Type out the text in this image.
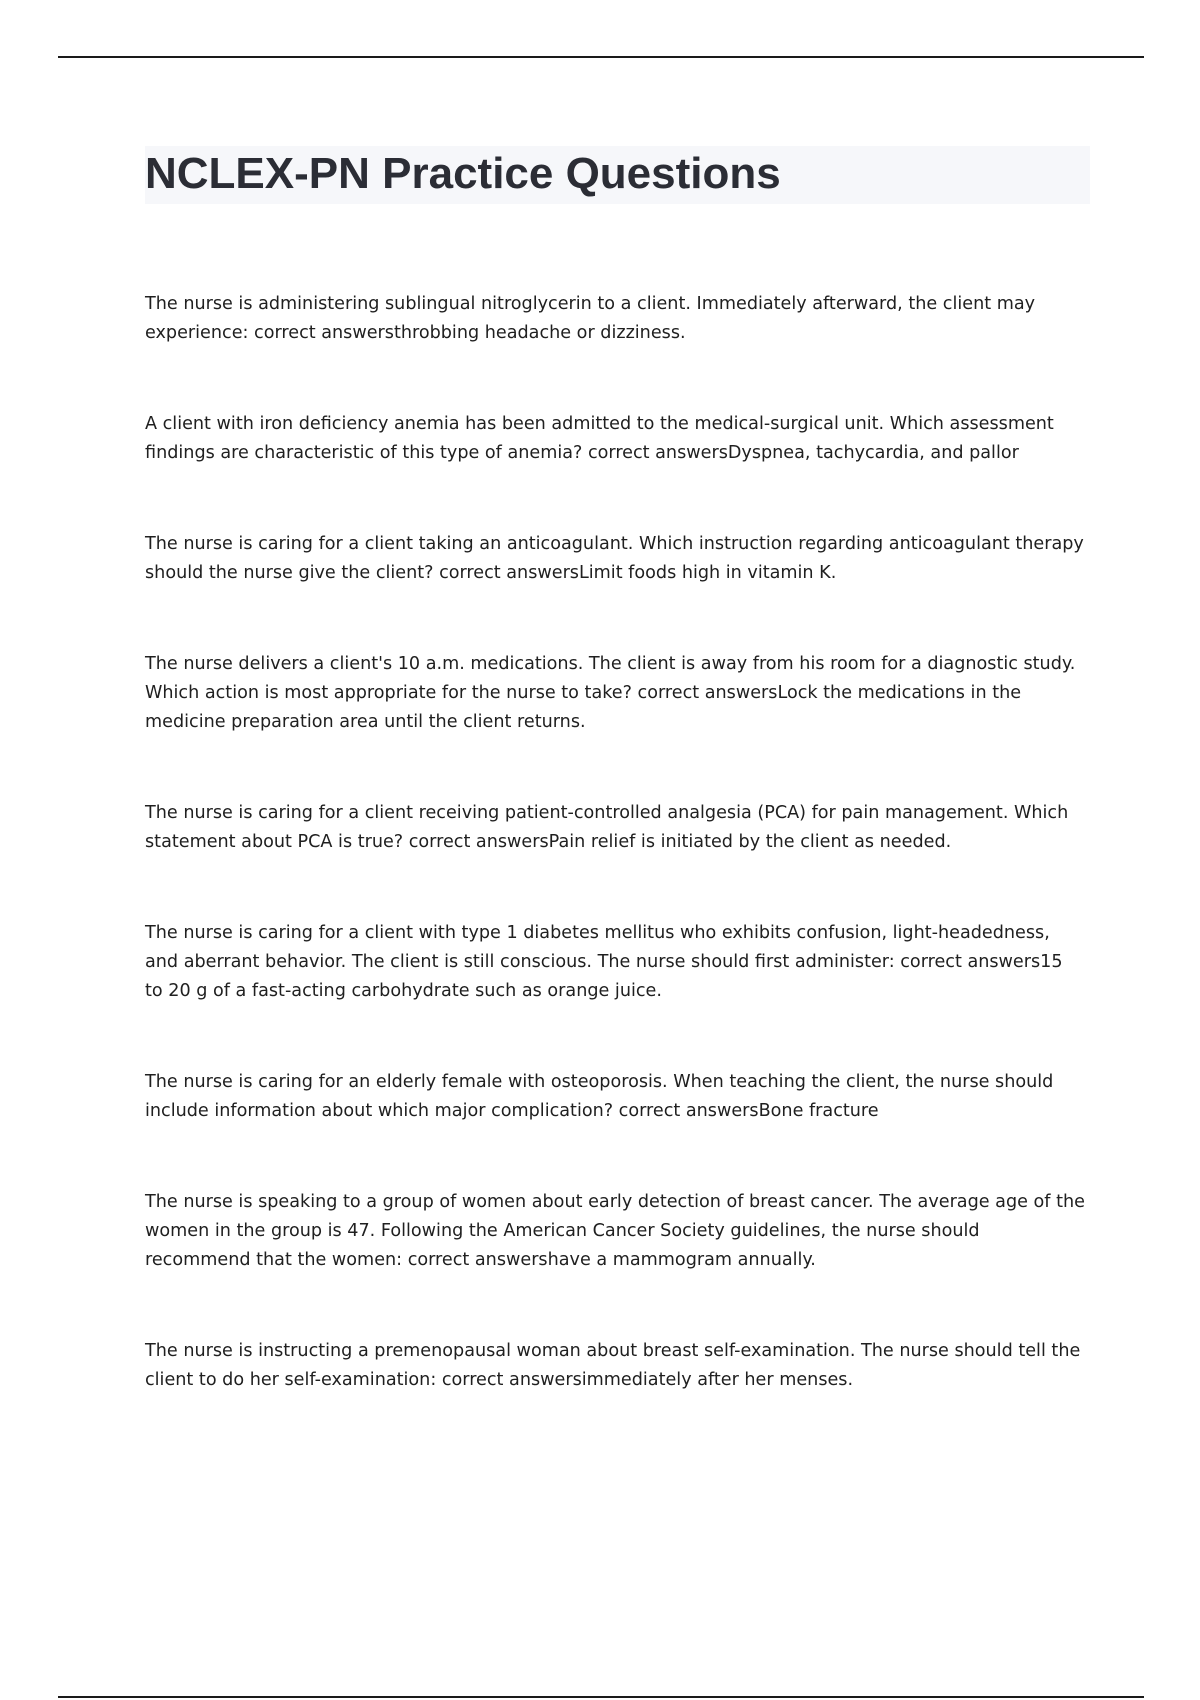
NCLEX-PN Practice Questions
The nurse is administering sublingual nitroglycerin to a client. Immediately afterward, the client may experience: correct answersthrobbing headache or dizziness.
A client with iron deficiency anemia has been admitted to the medical-surgical unit. Which assessment findings are characteristic of this type of anemia? correct answersDyspnea, tachycardia, and pallor
The nurse is caring for a client taking an anticoagulant. Which instruction regarding anticoagulant therapy should the nurse give the client? correct answersLimit foods high in vitamin K.
The nurse delivers a client's 10 a.m. medications. The client is away from his room for a diagnostic study. Which action is most appropriate for the nurse to take? correct answersLock the medications in the medicine preparation area until the client returns.
The nurse is caring for a client receiving patient-controlled analgesia (PCA) for pain management. Which statement about PCA is true? correct answersPain relief is initiated by the client as needed.
The nurse is caring for a client with type 1 diabetes mellitus who exhibits confusion, light-headedness, and aberrant behavior. The client is still conscious. The nurse should first administer: correct answers15 to 20 g of a fast-acting carbohydrate such as orange juice.
The nurse is caring for an elderly female with osteoporosis. When teaching the client, the nurse should include information about which major complication? correct answersBone fracture
The nurse is speaking to a group of women about early detection of breast cancer. The average age of the women in the group is 47. Following the American Cancer Society guidelines, the nurse should recommend that the women: correct answershave a mammogram annually.
The nurse is instructing a premenopausal woman about breast self-examination. The nurse should tell the client to do her self-examination: correct answersimmediately after her menses.
